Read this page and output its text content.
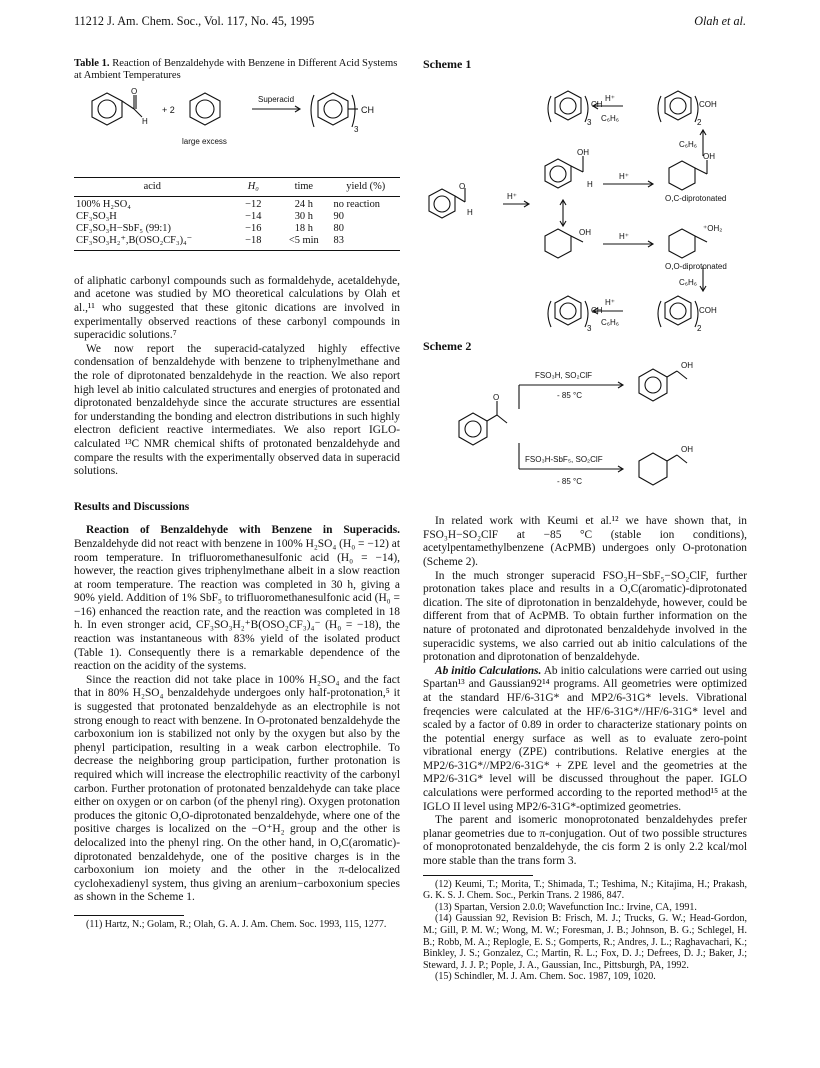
11212 J. Am. Chem. Soc., Vol. 117, No. 45, 1995	Olah et al.
Table 1. Reaction of Benzaldehyde with Benzene in Different Acid Systems at Ambient Temperatures
O
H
+ 2
Superacid
CH
3
large excess
acid	H₀	time	yield (%)
100% H₂SO₄	−12	24 h	no reaction
CF₃SO₃H	−14	30 h	90
CF₃SO₃H−SbF₅ (99:1)	−16	18 h	80
CF₃SO₃H₂⁺,B(OSO₂CF₃)₄⁻	−18	<5 min	83

of aliphatic carbonyl compounds such as formaldehyde, acetaldehyde, and acetone was studied by MO theoretical calculations by Olah et al.,¹¹ who suggested that these gitonic dications are involved in experimentally observed reactions of these carbonyl compounds in superacidic solutions.⁷

We now report the superacid-catalyzed highly effective condensation of benzaldehyde with benzene to triphenylmethane and the role of diprotonated benzaldehyde in the reaction. We also report high level ab initio calculated structures and energies of protonated and diprotonated benzaldehyde since the accurate structures are essential for understanding the bonding and electron distributions in such highly electron deficient reactive intermediates. We also report IGLO-calculated ¹³C NMR chemical shifts of protonated benzaldehyde and compare the results with the experimentally observed data in superacid solutions.

Results and Discussions

Reaction of Benzaldehyde with Benzene in Superacids. Benzaldehyde did not react with benzene in 100% H₂SO₄ (H₀ = −12) at room temperature. In trifluoromethanesulfonic acid (H₀ = −14), however, the reaction gives triphenylmethane albeit in a slow reaction at room temperature. The reaction was completed in 30 h, giving a 90% yield. Addition of 1% SbF₅ to trifluoromethanesulfonic acid (H₀ = −16) enhanced the reaction rate, and the reaction was completed in 18 h. In even stronger acid, CF₃SO₃H₂⁺B(OSO₂CF₃)₄⁻ (H₀ = −18), the reaction was instantaneous with 83% yield of the isolated product (Table 1). Consequently there is a remarkable dependence of the reaction on the acidity of the systems.

Since the reaction did not take place in 100% H₂SO₄ and the fact that in 80% H₂SO₄ benzaldehyde undergoes only half-protonation,⁵ it is suggested that protonated benzaldehyde as an electrophile is not strong enough to react with benzene. In O-protonated benzaldehyde the carboxonium ion is stabilized not only by the oxygen but also by the phenyl participation, resulting in a weak carbon electrophile. To decrease the neighboring group participation, further protonation is required which will increase the electrophilic reactivity of the carbonyl carbon. Further protonation of protonated benzaldehyde can take place either on oxygen or on carbon (of the phenyl ring). Oxygen protonation produces the gitonic O,O-diprotonated benzaldehyde, where one of the positive charges is localized on the −O⁺H₂ group and the other is delocalized into the phenyl ring. On the other hand, in O,C(aromatic)-diprotonated benzaldehyde, one of the positive charges is in the carboxonium ion moiety and the other in the π-delocalized cyclohexadienyl system, thus giving an arenium−carboxonium species as shown in the Scheme 1.

(11) Hartz, N.; Golam, R.; Olah, G. A. J. Am. Chem. Soc. 1993, 115, 1277.

Scheme 1
CH
3
H⁺
C₆H₆
COH
2
C₆H₆
O
H
H⁺
OH
H
H⁺
OH
O,C-diprotonated
OH	H⁺
⁺OH₂
O,O-diprotonated
C₆H₆
CH
3
H⁺
C₆H₆
COH
2
Scheme 2
FSO₃H, SO₂ClF
- 85 °C
FSO₃H-SbF₅, SO₂ClF
- 85 °C
O
OH
OH

In related work with Keumi et al.¹² we have shown that, in FSO₃H−SO₂ClF at −85 °C (stable ion conditions), acetylpentamethylbenzene (AcPMB) undergoes only O-protonation (Scheme 2).

In the much stronger superacid FSO₃H−SbF₅−SO₂ClF, further protonation takes place and results in a O,C(aromatic)-diprotonated dication. The site of diprotonation in benzaldehyde, however, could be different from that of AcPMB. To obtain further information on the nature of protonated and diprotonated benzaldehyde involved in the superacidic systems, we also carried out ab initio calculations of the protonation and diprotonation of benzaldehyde.

Ab initio Calculations. Ab initio calculations were carried out using Spartan¹³ and Gaussian92¹⁴ programs. All geometries were optimized at the standard HF/6-31G* and MP2/6-31G* levels. Vibrational freqencies were calculated at the HF/6-31G*//HF/6-31G* level and scaled by a factor of 0.89 in order to characterize stationary points on the potential energy surface as well as to evaluate zero-point vibrational energy (ZPE) contributions. Relative energies at the MP2/6-31G*//MP2/6-31G* + ZPE level and the geometries at the MP2/6-31G* level will be discussed throughout the paper. IGLO calculations were performed according to the reported method¹⁵ at the IGLO II level using MP2/6-31G*-optimized geometries.

The parent and isomeric monoprotonated benzaldehydes prefer planar geometries due to π-conjugation. Out of two possible structures of monoprotonated benzaldehyde, the cis form 2 is only 2.2 kcal/mol more stable than the trans form 3.

(12) Keumi, T.; Morita, T.; Shimada, T.; Teshima, N.; Kitajima, H.; Prakash, G. K. S. J. Chem. Soc., Perkin Trans. 2 1986, 847.

(13) Spartan, Version 2.0.0; Wavefunction Inc.: Irvine, CA, 1991.

(14) Gaussian 92, Revision B: Frisch, M. J.; Trucks, G. W.; Head-Gordon, M.; Gill, P. M. W.; Wong, M. W.; Foresman, J. B.; Johnson, B. G.; Schlegel, H. B.; Robb, M. A.; Replogle, E. S.; Gomperts, R.; Andres, J. L.; Raghavachari, K.; Binkley, J. S.; Gonzalez, C.; Martin, R. L.; Fox, D. J.; Defrees, D. J.; Baker, J.; Steward, J. J. P.; Pople, J. A., Gaussian, Inc., Pittsburgh, PA, 1992.

(15) Schindler, M. J. Am. Chem. Soc. 1987, 109, 1020.
